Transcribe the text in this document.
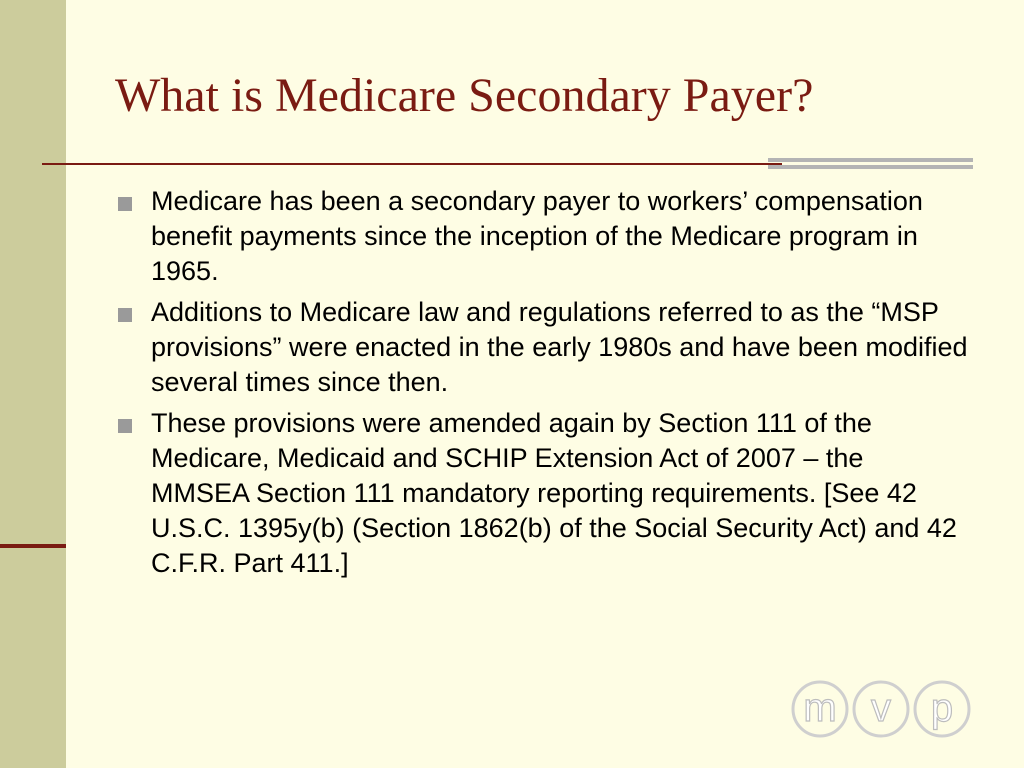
What is Medicare Secondary Payer?
Medicare has been a secondary payer to workers’ compensation benefit payments since the inception of the Medicare program in 1965.
Additions to Medicare law and regulations referred to as the “MSP provisions” were enacted in the early 1980s and have been modified several times since then.
These provisions were amended again by Section 111 of the Medicare, Medicaid and SCHIP Extension Act of 2007 – the MMSEA Section 111 mandatory reporting requirements. [See 42 U.S.C. 1395y(b) (Section 1862(b) of the Social Security Act) and 42 C.F.R. Part 411.]
m v p
